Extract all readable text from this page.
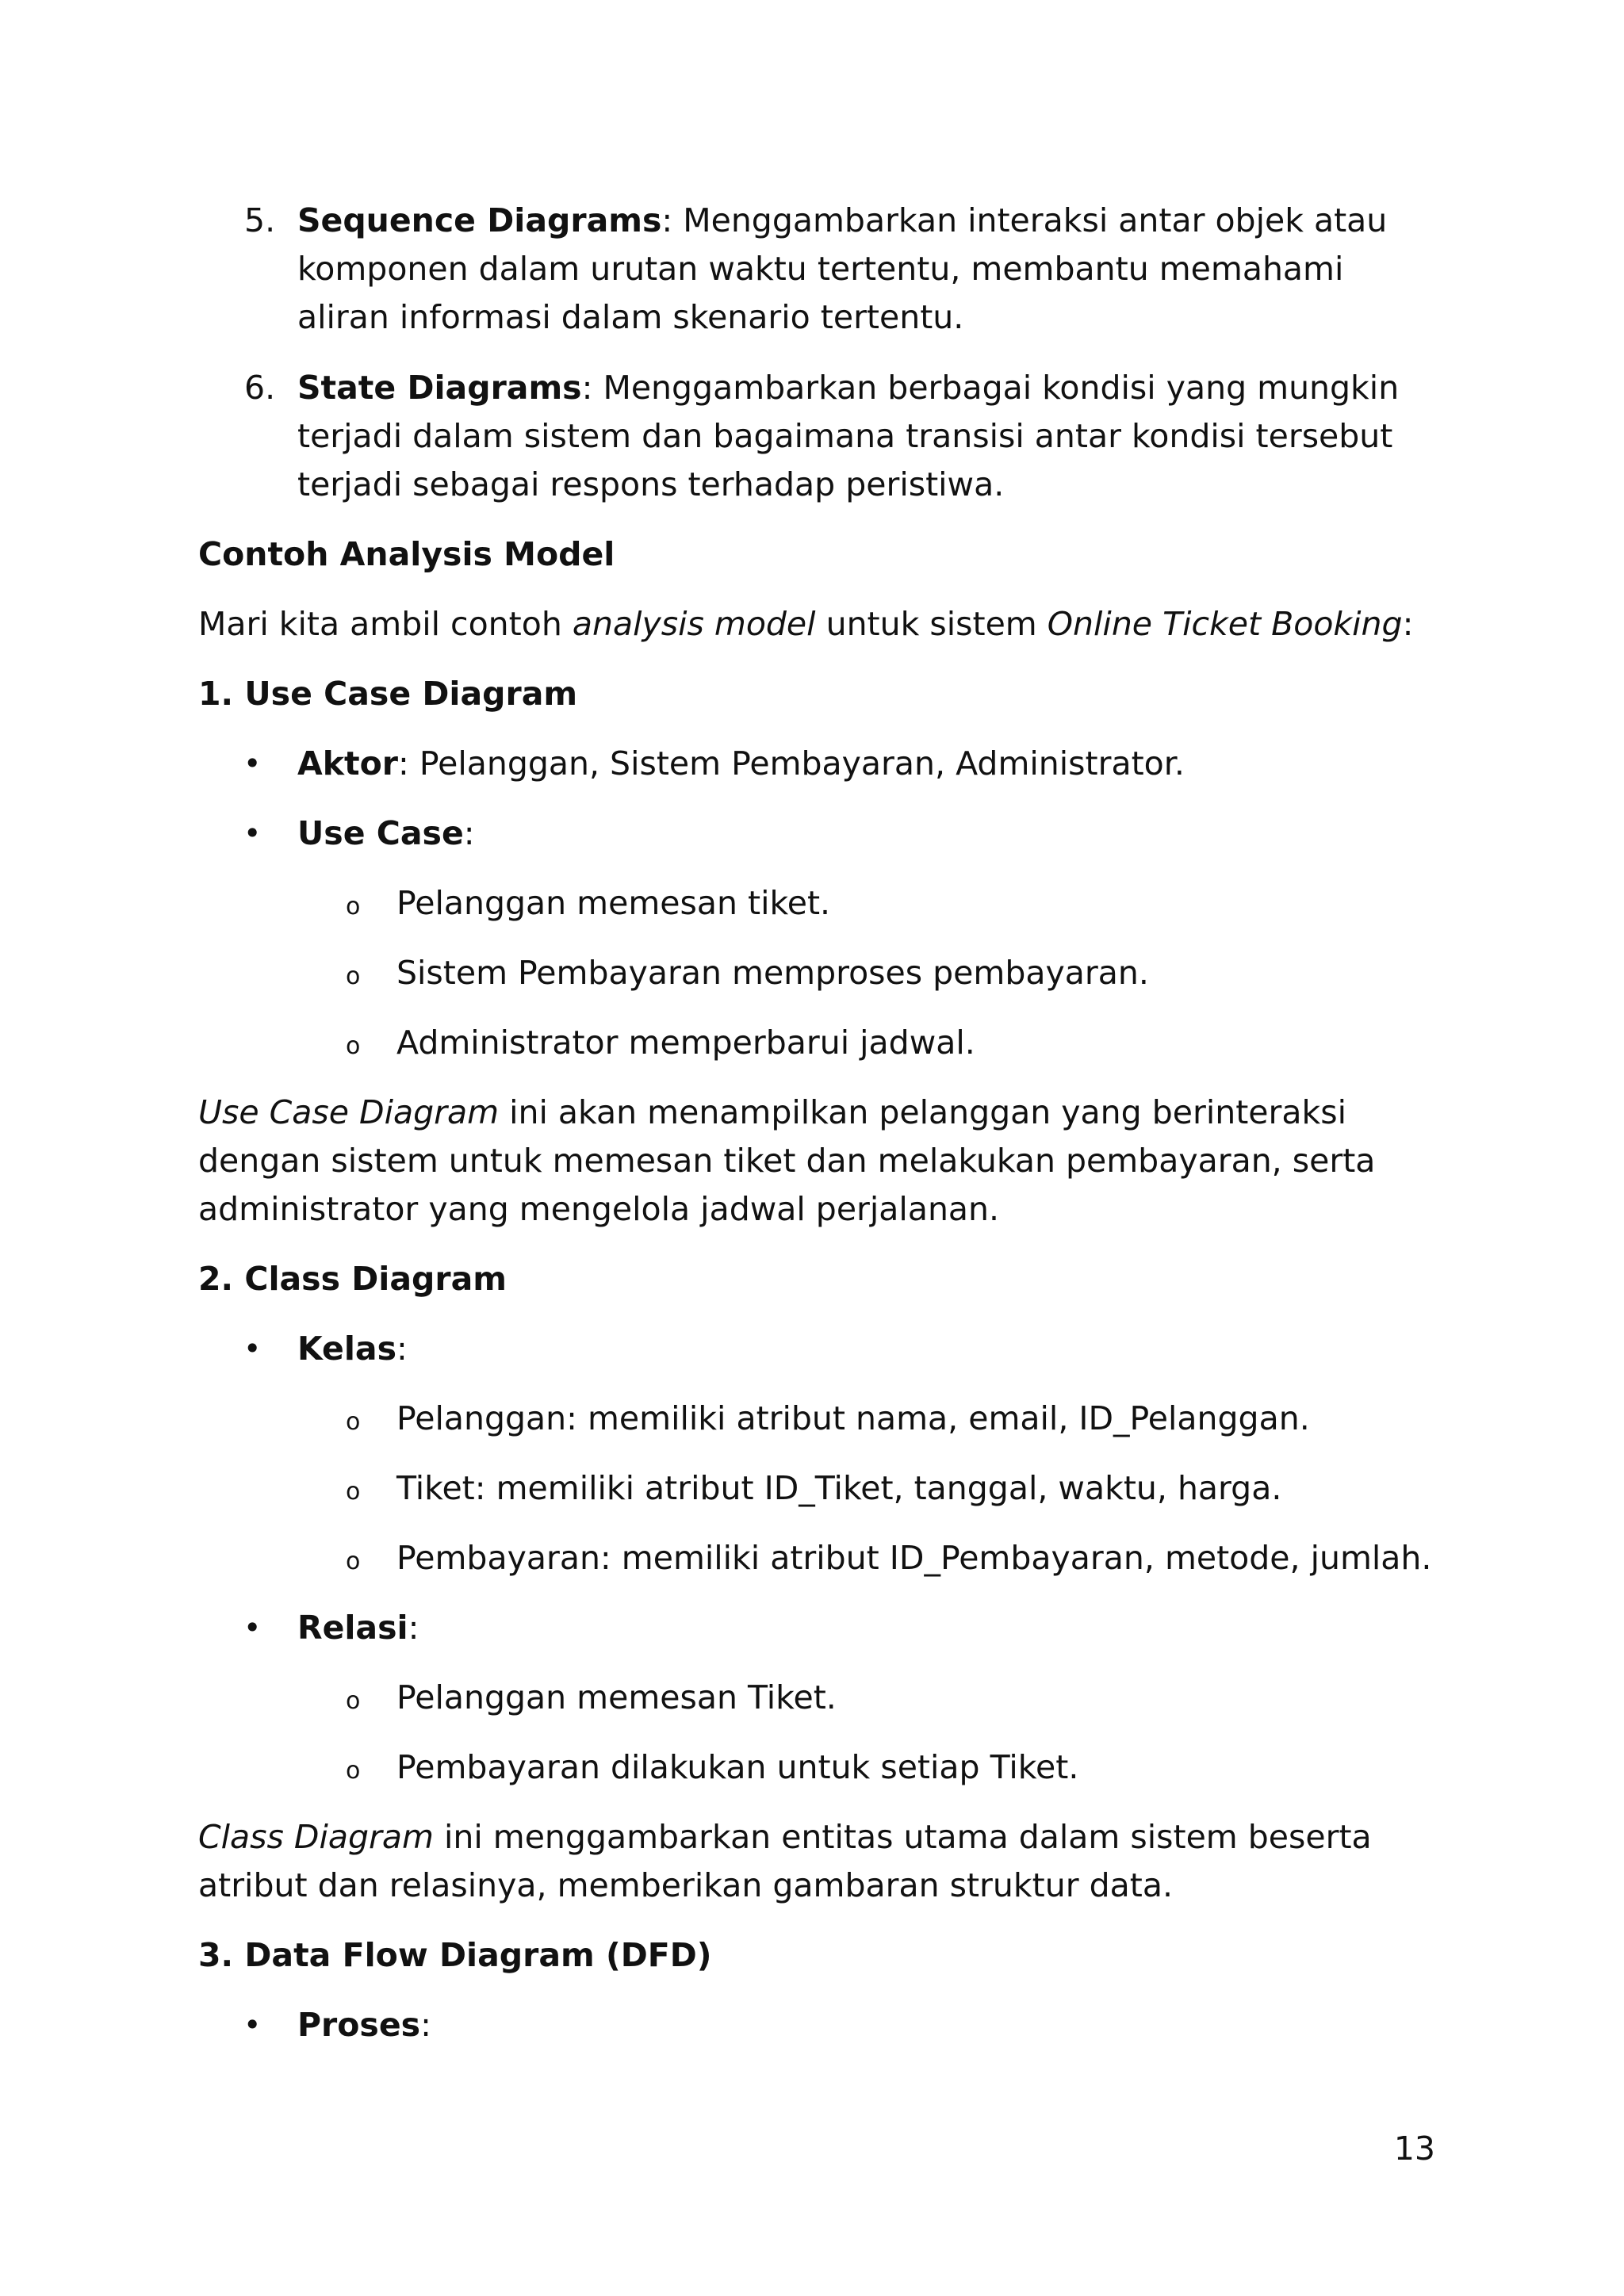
5. Sequence Diagrams: Menggambarkan interaksi antar objek atau komponen dalam urutan waktu tertentu, membantu memahami aliran informasi dalam skenario tertentu.

6. State Diagrams: Menggambarkan berbagai kondisi yang mungkin terjadi dalam sistem dan bagaimana transisi antar kondisi tersebut terjadi sebagai respons terhadap peristiwa.

Contoh Analysis Model

Mari kita ambil contoh analysis model untuk sistem Online Ticket Booking:

1. Use Case Diagram

• Aktor: Pelanggan, Sistem Pembayaran, Administrator.

• Use Case:

o Pelanggan memesan tiket.

o Sistem Pembayaran memproses pembayaran.

o Administrator memperbarui jadwal.

Use Case Diagram ini akan menampilkan pelanggan yang berinteraksi dengan sistem untuk memesan tiket dan melakukan pembayaran, serta administrator yang mengelola jadwal perjalanan.

2. Class Diagram

• Kelas:

o Pelanggan: memiliki atribut nama, email, ID_Pelanggan.

o Tiket: memiliki atribut ID_Tiket, tanggal, waktu, harga.

o Pembayaran: memiliki atribut ID_Pembayaran, metode, jumlah.

• Relasi:

o Pelanggan memesan Tiket.

o Pembayaran dilakukan untuk setiap Tiket.

Class Diagram ini menggambarkan entitas utama dalam sistem beserta atribut dan relasinya, memberikan gambaran struktur data.

3. Data Flow Diagram (DFD)

• Proses:

13
